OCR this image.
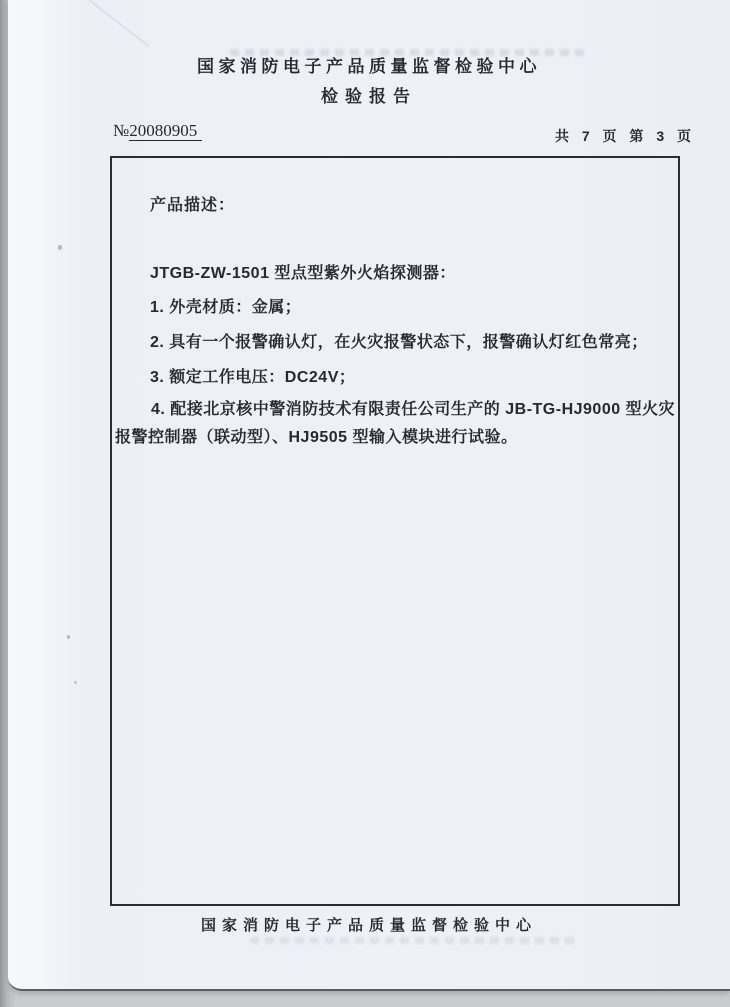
国家消防电子产品质量监督检验中心
检验报告
№20080905	共 7 页 第 3 页
产品描述：
JTGB-ZW-1501 型点型紫外火焰探测器：
1. 外壳材质：金属；
2. 具有一个报警确认灯，在火灾报警状态下，报警确认灯红色常亮；
3. 额定工作电压：DC24V；
4. 配接北京核中警消防技术有限责任公司生产的 JB-TG-HJ9000 型火灾报警控制器（联动型）、HJ9505 型输入模块进行试验。
国家消防电子产品质量监督检验中心
